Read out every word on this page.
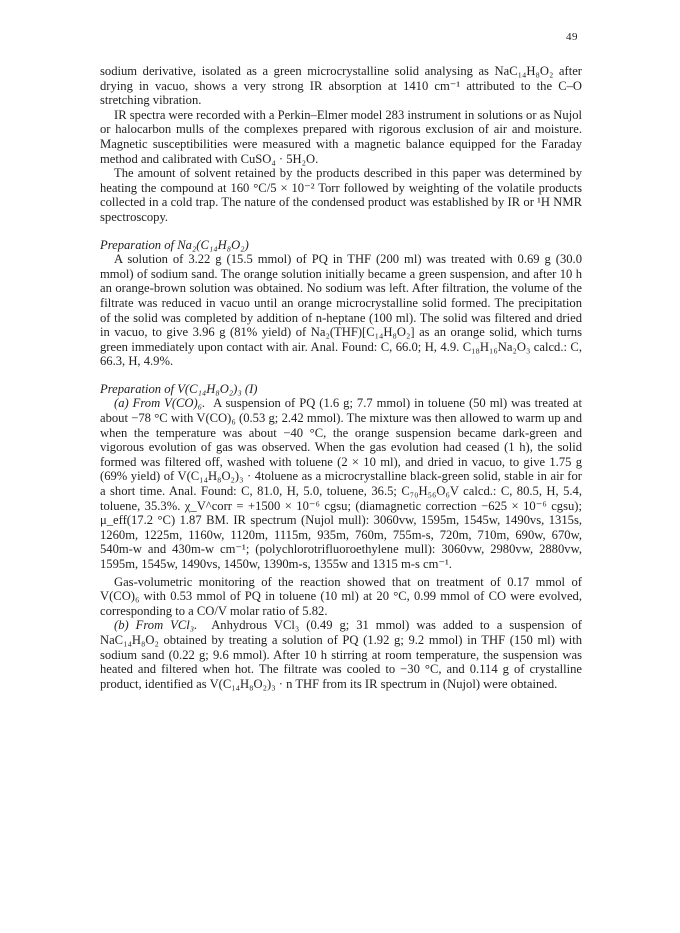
49

sodium derivative, isolated as a green microcrystalline solid analysing as NaC₁₄H₈O₂ after drying in vacuo, shows a very strong IR absorption at 1410 cm⁻¹ attributed to the C–O stretching vibration.

IR spectra were recorded with a Perkin–Elmer model 283 instrument in solutions or as Nujol or halocarbon mulls of the complexes prepared with rigorous exclusion of air and moisture. Magnetic susceptibilities were measured with a magnetic balance equipped for the Faraday method and calibrated with CuSO₄ · 5H₂O.

The amount of solvent retained by the products described in this paper was determined by heating the compound at 160 °C/5 × 10⁻² Torr followed by weighting of the volatile products collected in a cold trap. The nature of the condensed product was established by IR or ¹H NMR spectroscopy.

Preparation of Na₂(C₁₄H₈O₂)

A solution of 3.22 g (15.5 mmol) of PQ in THF (200 ml) was treated with 0.69 g (30.0 mmol) of sodium sand. The orange solution initially became a green suspension, and after 10 h an orange-brown solution was obtained. No sodium was left. After filtration, the volume of the filtrate was reduced in vacuo until an orange microcrystalline solid formed. The precipitation of the solid was completed by addition of n-heptane (100 ml). The solid was filtered and dried in vacuo, to give 3.96 g (81% yield) of Na₂(THF)[C₁₄H₈O₂] as an orange solid, which turns green immediately upon contact with air. Anal. Found: C, 66.0; H, 4.9. C₁₈H₁₆Na₂O₃ calcd.: C, 66.3, H, 4.9%.

Preparation of V(C₁₄H₈O₂)₃ (I)

(a) From V(CO)₆. A suspension of PQ (1.6 g; 7.7 mmol) in toluene (50 ml) was treated at about −78 °C with V(CO)₆ (0.53 g; 2.42 mmol). The mixture was then allowed to warm up and when the temperature was about −40 °C, the orange suspension became dark-green and vigorous evolution of gas was observed. When the gas evolution had ceased (1 h), the solid formed was filtered off, washed with toluene (2 × 10 ml), and dried in vacuo, to give 1.75 g (69% yield) of V(C₁₄H₈O₂)₃ · 4toluene as a microcrystalline black-green solid, stable in air for a short time. Anal. Found: C, 81.0, H, 5.0, toluene, 36.5; C₇₀H₅₆O₆V calcd.: C, 80.5, H, 5.4, toluene, 35.3%. χ_V^corr = +1500 × 10⁻⁶ cgsu; (diamagnetic correction −625 × 10⁻⁶ cgsu); μ_eff(17.2 °C) 1.87 BM. IR spectrum (Nujol mull): 3060vw, 1595m, 1545w, 1490vs, 1315s, 1260m, 1225m, 1160w, 1120m, 1115m, 935m, 760m, 755m-s, 720m, 710m, 690w, 670w, 540m-w and 430m-w cm⁻¹; (polychlorotrifluoroethylene mull): 3060vw, 2980vw, 2880vw, 1595m, 1545w, 1490vs, 1450w, 1390m-s, 1355w and 1315 m-s cm⁻¹.

Gas-volumetric monitoring of the reaction showed that on treatment of 0.17 mmol of V(CO)₆ with 0.53 mmol of PQ in toluene (10 ml) at 20 °C, 0.99 mmol of CO were evolved, corresponding to a CO/V molar ratio of 5.82.

(b) From VCl₃. Anhydrous VCl₃ (0.49 g; 31 mmol) was added to a suspension of NaC₁₄H₈O₂ obtained by treating a solution of PQ (1.92 g; 9.2 mmol) in THF (150 ml) with sodium sand (0.22 g; 9.6 mmol). After 10 h stirring at room temperature, the suspension was heated and filtered when hot. The filtrate was cooled to −30 °C, and 0.114 g of crystalline product, identified as V(C₁₄H₈O₂)₃ · n THF from its IR spectrum in (Nujol) were obtained.
